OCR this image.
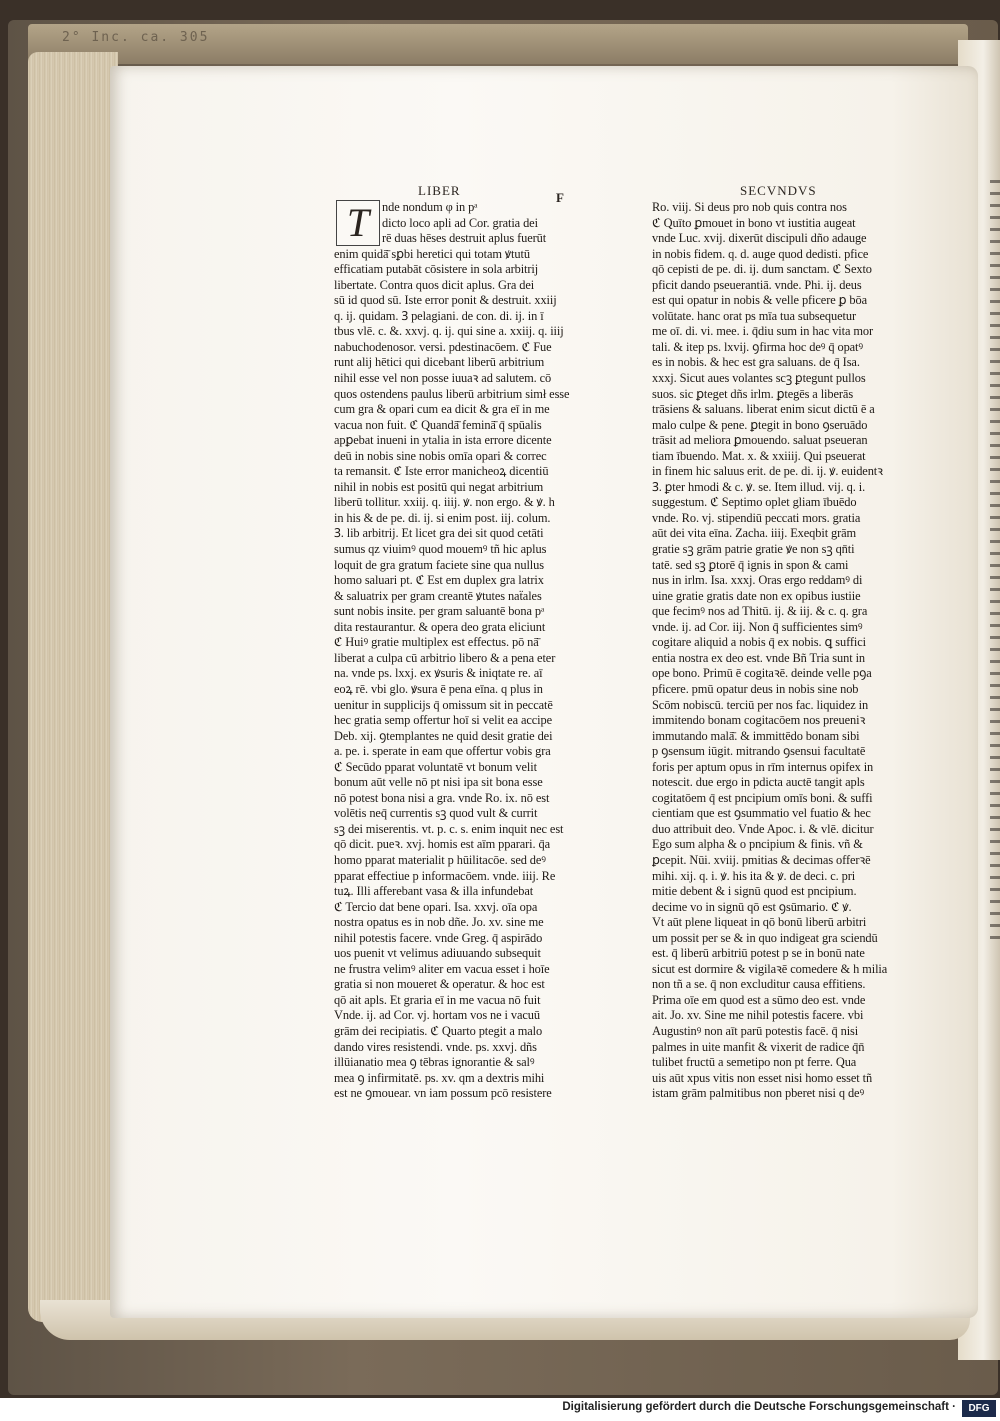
2° Inc. ca. 305
LIBER	F	SECVNDVS
nde nondum φ in pᵃ
dicto loco apli ad Cor. gratia dei
rē duas hēses destruit aplus fuerūt
enim quidā̄ sꝑbi heretici qui totam ꝟtutū
efficatiam putabāt cōsistere in sola arbitrij
libertate. Contra quos dicit aplus. Gra dei
sū id quod sū. Iste error ponit & destruit. xxiij
q. ij. quidam. Ꝫ pelagiani. de con. di. ij. in ī
tbus vlē. c. &. xxvj. q. ij. qui sine a. xxiij. q. iiij
nabuchodenosor. versi. pdestinacōem. ℭ Fue
runt alij hētici qui dicebant liberū arbitrium
nihil esse vel non posse iuuaꝛ ad salutem. cō
quos ostendens paulus liberū arbitrium simł esse
cum gra & opari cum ea dicit & gra eī in me
vacua non fuit. ℭ Quandā̄ feminā̄ q̄ spūalis
apꝑebat inueni in ytalia in ista errore dicente
deū in nobis sine nobis omīa opari & correc
ta remansit. ℭ Iste error manicheoꝝ dicentiū
nihil in nobis est positū qui negat arbitrium
liberū tollitur. xxiij. q. iiij. ꝟ. non ergo. & ꝟ. h
in his & de pe. di. ij. si enim post. iij. colum.
Ꝫ. lib arbitrij. Et licet gra dei sit quod cetāti
sumus qz viuimꝰ quod mouemꝰ tñ hic aplus
loquit de gra gratum faciete sine qua nullus
homo saluari pt. ℭ Est em duplex gra latrix
& saluatrix per gram creantē ꝟtutes naẗales
sunt nobis insite. per gram saluantē bona pᵃ
dita restaurantur. & opera deo grata eliciunt
ℭ Huiꝰ gratie multiplex est effectus. pō nā̄
liberat a culpa cū arbitrio libero & a pena eter
na. vnde ps. lxxj. ex ꝟsuris & iniqtate re. aī
eoꝝ rē. vbi glo. ꝟsura ē pena eīna. q plus in
uenitur in supplicijs q̄ omissum sit in peccatē
hec gratia semp offertur hoī si velit ea accipe
Deb. xij. ꝯtemplantes ne quid desit gratie dei
a. pe. i. sperate in eam que offertur vobis gra
ℭ Secūdo pparat voluntatē vt bonum velit
bonum aūt velle nō pt nisi ipa sit bona esse
nō potest bona nisi a gra. vnde Ro. ix. nō est
volētis neq̄ currentis sꝫ quod vult & currit
sꝫ dei miserentis. vt. p. c. s. enim inquit nec est
qō dicit. pueꝛ. xvj. homis est aīm pparari. q̄a
homo pparat materialit p hūilitacōe. sed deꝰ
pparat effectiue p informacōem. vnde. iiij. Re
tuꝝ. Illi afferebant vasa & illa infundebat
ℭ Tercio dat bene opari. Isa. xxvj. oīa opa
nostra opatus es in nob dñe. Jo. xv. sine me
nihil potestis facere. vnde Greg. q̄ aspirādo
uos puenit vt velimus adiuuando subsequit
ne frustra velimꝰ aliter em vacua esset i hoīe
gratia si non moueret & operatur. & hoc est
qō ait apls. Et graria eī in me vacua nō fuit
Vnde. ij. ad Cor. vj. hortam vos ne i vacuū
grām dei recipiatis. ℭ Quarto ptegit a malo
dando vires resistendi. vnde. ps. xxvj. dñs
illūianatio mea ꝯ tēbras ignorantie & salꝰ
mea ꝯ infirmitatē. ps. xv. qm a dextris mihi
est ne ꝯmouear. vn iam possum pcō resistere
T	Ro. viij. Si deus pro nob quis contra nos
ℭ Quīto ꝑmouet in bono vt iustitia augeat
vnde Luc. xvij. dixerūt discipuli dño adauge
in nobis fidem. q. d. auge quod dedisti. pfice
qō cepisti de pe. di. ij. dum sanctam. ℭ Sexto
pficit dando pseuerantiā. vnde. Phi. ij. deus
est qui opatur in nobis & velle pficere ꝑ bōa
volūtate. hanc orat ps mīa tua subsequetur
me oī. di. vi. mee. i. q̄diu sum in hac vita mor
tali. & itep ps. lxvij. ꝯfirma hoc deꝰ q̄ opatꝰ
es in nobis. & hec est gra saluans. de q̄ Isa.
xxxj. Sicut aues volantes scꝫ ꝑtegunt pullos
suos. sic ꝑteget dñs irlm. ꝑtegēs a liberās
trāsiens & saluans. liberat enim sicut dictū ē a
malo culpe & pene. ꝑtegit in bono ꝯseruādo
trāsit ad meliora ꝑmouendo. saluat pseueran
tiam ībuendo. Mat. x. & xxiiij. Qui pseuerat
in finem hic saluus erit. de pe. di. ij. ꝟ. euidentꝛ
Ꝫ. ꝑter hmodi & c. ꝟ. se. Item illud. vij. q. i.
suggestum. ℭ Septimo oplet gliam ībuēdo
vnde. Ro. vj. stipendiū peccati mors. gratia
aūt dei vita eīna. Zacha. iiij. Exeqbit grām
gratie sꝫ grām patrie gratie ꝟe non sꝫ qn̄ti
tatē. sed sꝫ ꝑtorē q̄ ignis in spon & cami
nus in irlm. Isa. xxxj. Oras ergo reddamꝰ di
uine gratie gratis date non ex opibus iustiie
que fecimꝰ nos ad Thitū. ij. & iij. & c. q. gra
vnde. ij. ad Cor. iij. Non q̄ sufficientes simꝰ
cogitare aliquid a nobis q̄ ex nobis. ꝗ suffici
entia nostra ex deo est. vnde Bñ Tria sunt in
ope bono. Primū ē cogitaꝛē. deinde velle pꝯa
pficere. pmū opatur deus in nobis sine nob
Scōm nobiscū. terciū per nos fac. liquidez in
immitendo bonam cogitacōem nos preueniꝛ
immutando malā̄. & immittēdo bonam sibi
p ꝯsensum iūgit. mitrando ꝯsensui facultatē
foris per aptum opus in rīm internus opifex in
notescit. due ergo in pdicta auctē tangit apls
cogitatōem q̄ est pncipium omīs boni. & suffi
cientiam que est ꝯsummatio vel fuatio & hec
duo attribuit deo. Vnde Apoc. i. & vlē. dicitur
Ego sum alpha & o pncipium & finis. vñ &
ꝑcepit. Nūi. xviij. pmitias & decimas offerꝛē
mihi. xij. q. i. ꝟ. his ita & ꝟ. de deci. c. pri
mitie debent & i signū quod est pncipium.
decime vo in signū qō est ꝯsūmario. ℭ ꝟ.
Vt aūt plene liqueat in qō bonū liberū arbitri
um possit per se & in quo indigeat gra sciendū
est. q̄ liberū arbitriū potest p se in bonū nate
sicut est dormire & vigilaꝛē comedere & h milia
non tñ a se. q̄ non excluditur causa effitiens.
Prima oīe em quod est a sūmo deo est. vnde
ait. Jo. xv. Sine me nihil potestis facere. vbi
Augustinꝰ non aīt parū potestis facē. q̄ nisi
palmes in uite manfit & vixerit de radice q̄n̄
tulibet fructū a semetipo non pt ferre. Qua
uis aūt xpus vitis non esset nisi homo esset tñ
istam grām palmitibus non pberet nisi q deꝰ
Digitalisierung gefördert durch die Deutsche Forschungsgemeinschaft ·	DFG
